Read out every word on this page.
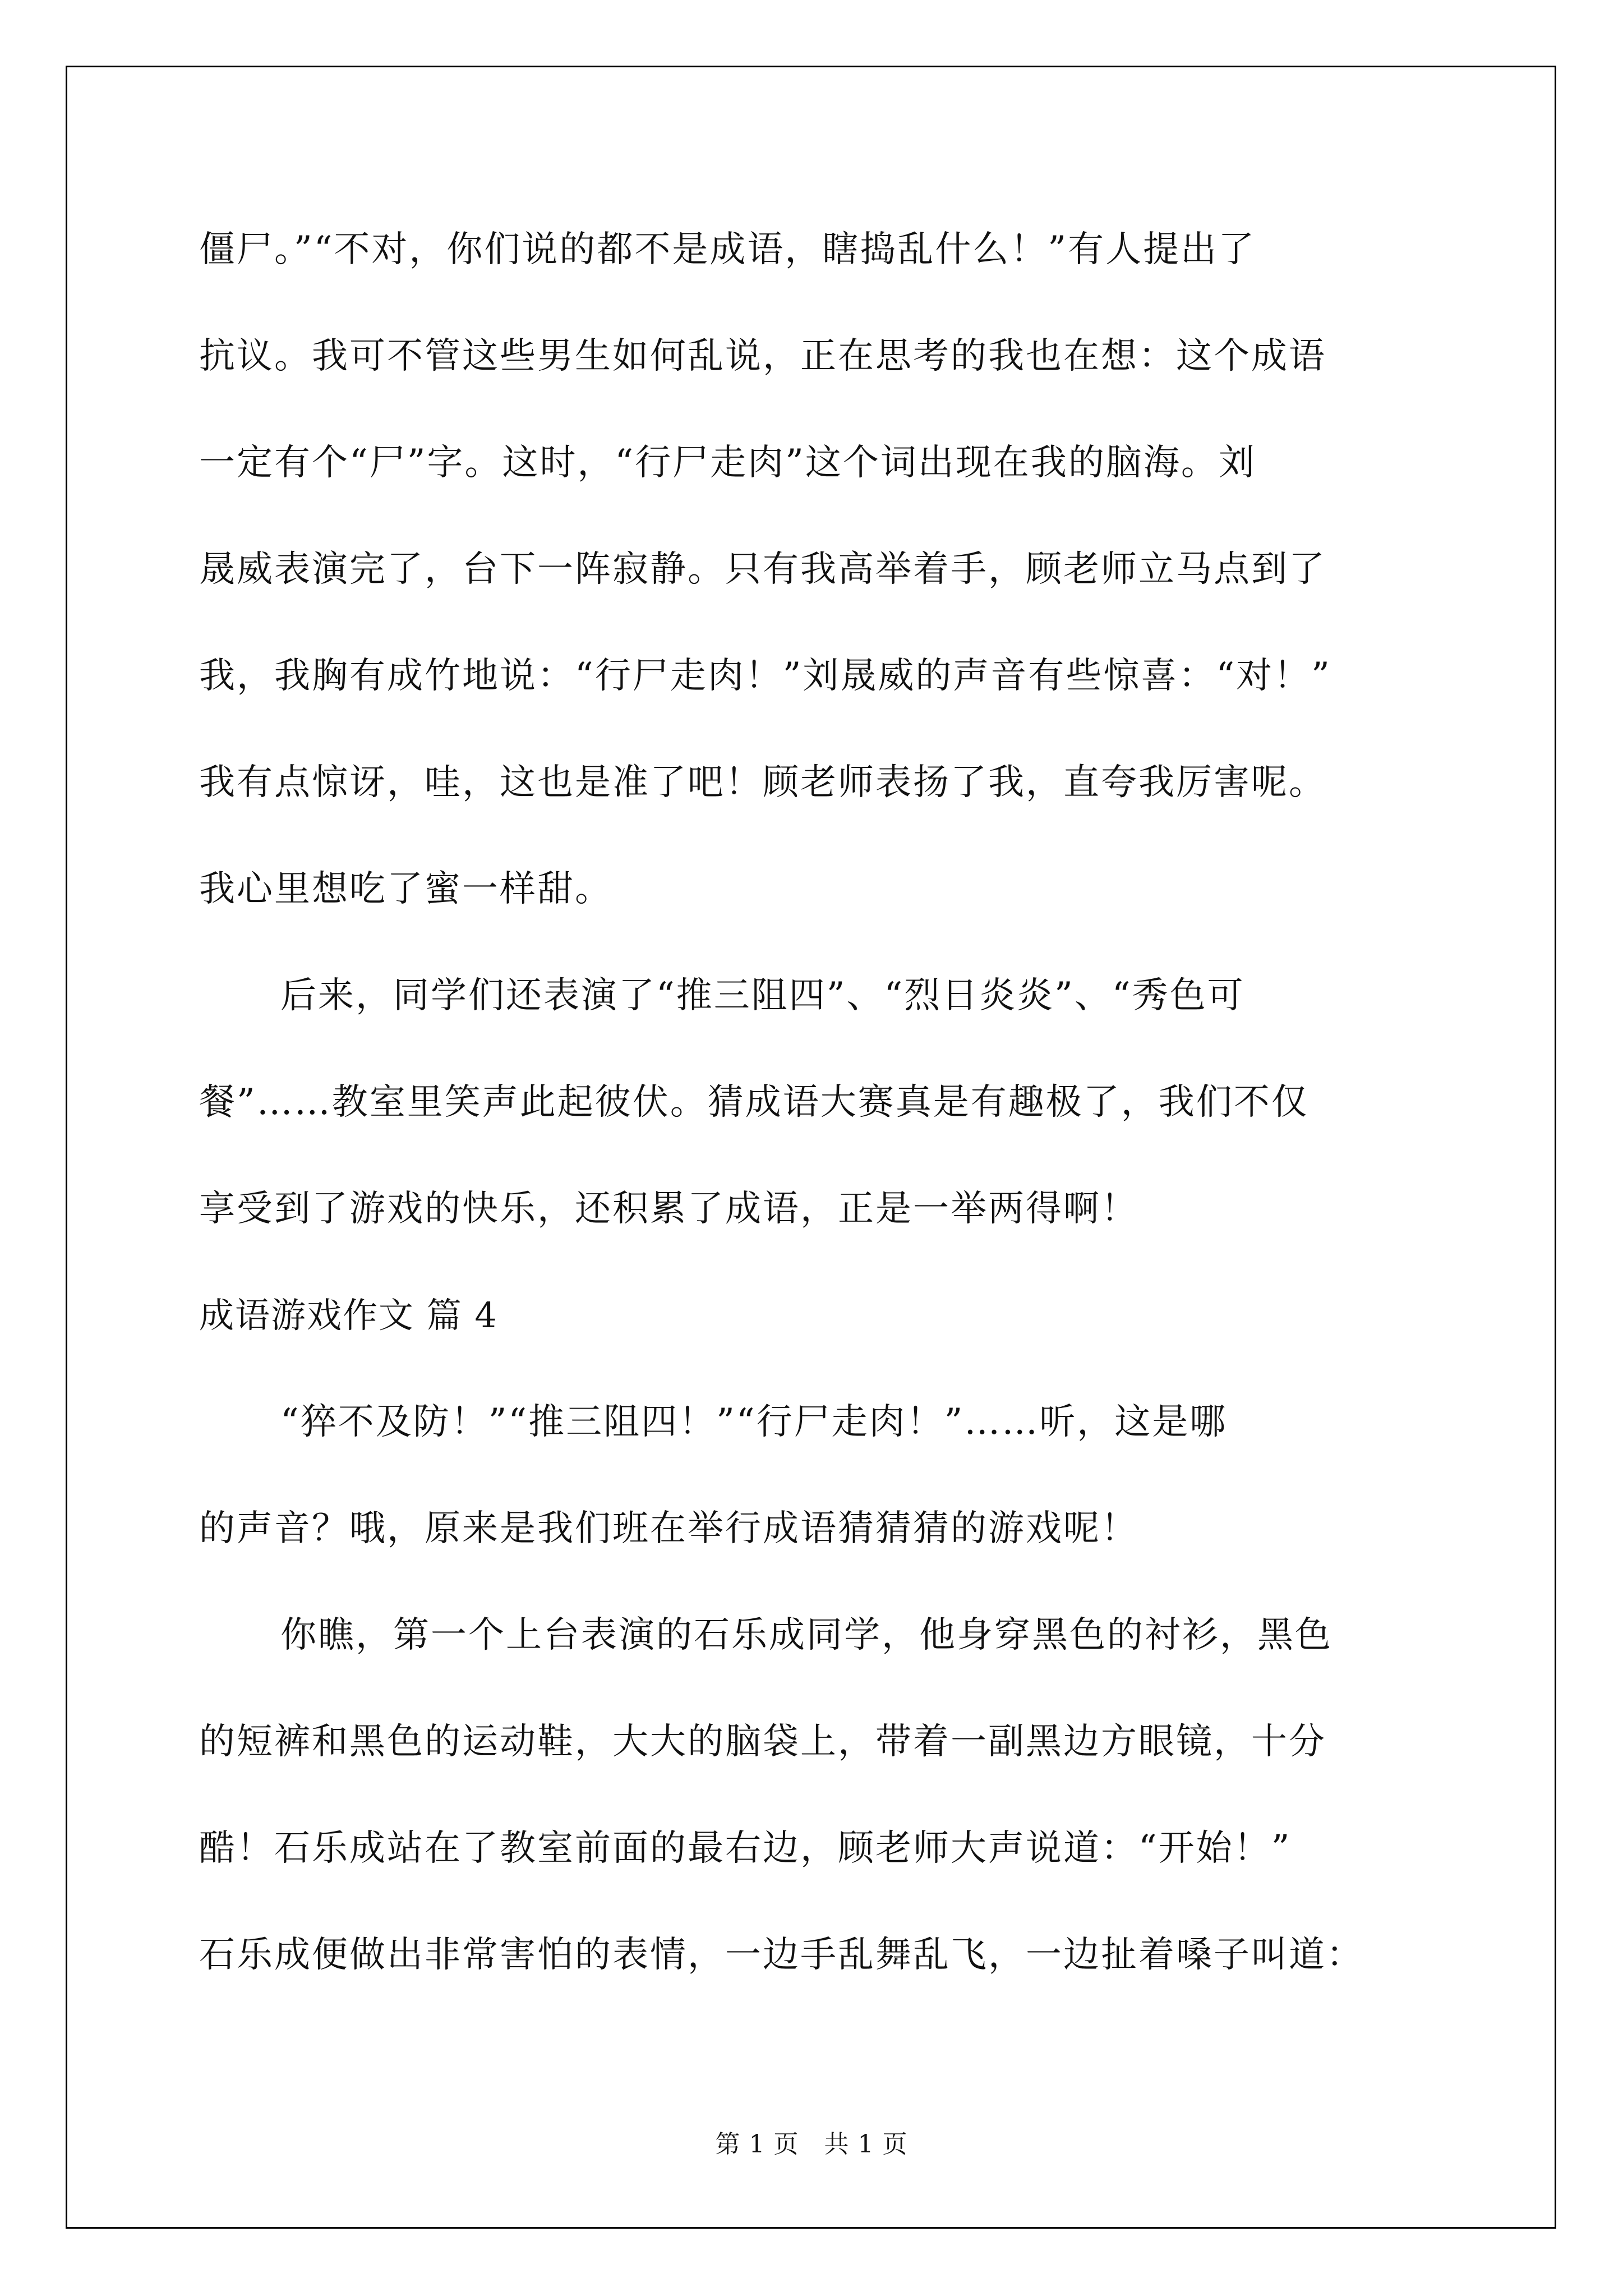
僵尸。”“不对，你们说的都不是成语，瞎捣乱什么！”有人提出了
抗议。我可不管这些男生如何乱说，正在思考的我也在想：这个成语
一定有个“尸”字。这时，“行尸走肉”这个词出现在我的脑海。刘
晟威表演完了，台下一阵寂静。只有我高举着手，顾老师立马点到了
我，我胸有成竹地说：“行尸走肉！”刘晟威的声音有些惊喜：“对！”
我有点惊讶，哇，这也是准了吧！顾老师表扬了我，直夸我厉害呢。
我心里想吃了蜜一样甜。
后来，同学们还表演了“推三阻四”、“烈日炎炎”、“秀色可
餐”……教室里笑声此起彼伏。猜成语大赛真是有趣极了，我们不仅
享受到了游戏的快乐，还积累了成语，正是一举两得啊！
成语游戏作文 篇 4
“猝不及防！”“推三阻四！”“行尸走肉！”……听，这是哪
的声音？哦，原来是我们班在举行成语猜猜猜的游戏呢！
你瞧，第一个上台表演的石乐成同学，他身穿黑色的衬衫，黑色
的短裤和黑色的运动鞋，大大的脑袋上，带着一副黑边方眼镜，十分
酷！石乐成站在了教室前面的最右边，顾老师大声说道：“开始！”
石乐成便做出非常害怕的表情，一边手乱舞乱飞，一边扯着嗓子叫道：
第 1 页　共 1 页
